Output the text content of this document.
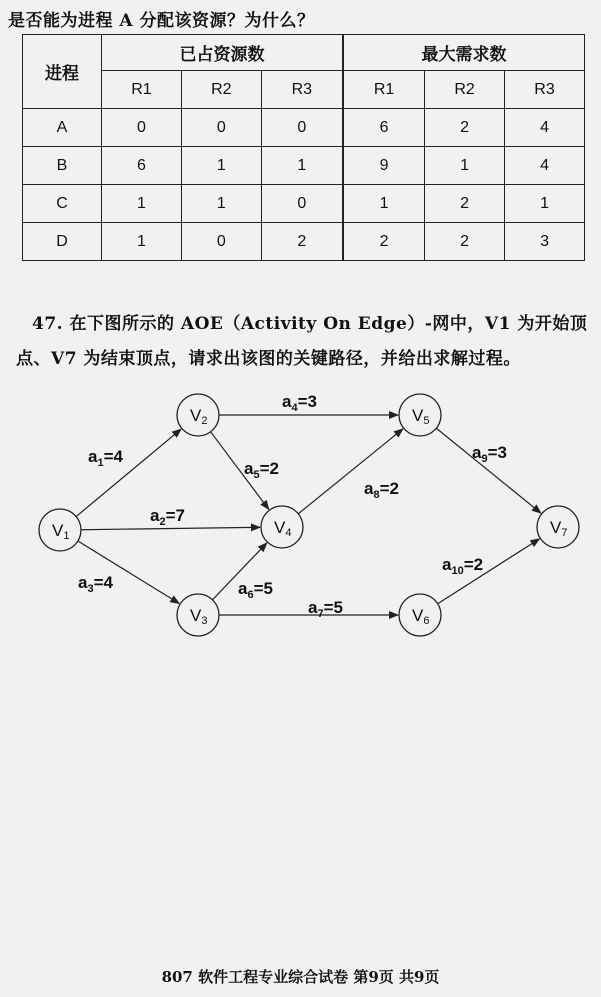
是否能为进程 A 分配该资源？为什么？
进程	已占资源数			最大需求数		
	R1	R2	R3	R1	R2	R3
A	0	0	0	6	2	4
B	6	1	1	9	1	4
C	1	1	0	1	2	1
D	1	0	2	2	2	3
47. 在下图所示的 AOE（Activity On Edge）-网中，V1 为开始顶
点、V7 为结束顶点，请求出该图的关键路径，并给出求解过程。
V1
V2
V3
V4
V5
V6
V7
$a_1=4$
$a_2=7$
$a_3=4$
$a_4=3$
$a_5=2$
$a_6=5$
$a_7=5$
$a_8=2$
$a_9=3$
$a_{10}=2$
807 软件工程专业综合试卷 第9页 共9页
